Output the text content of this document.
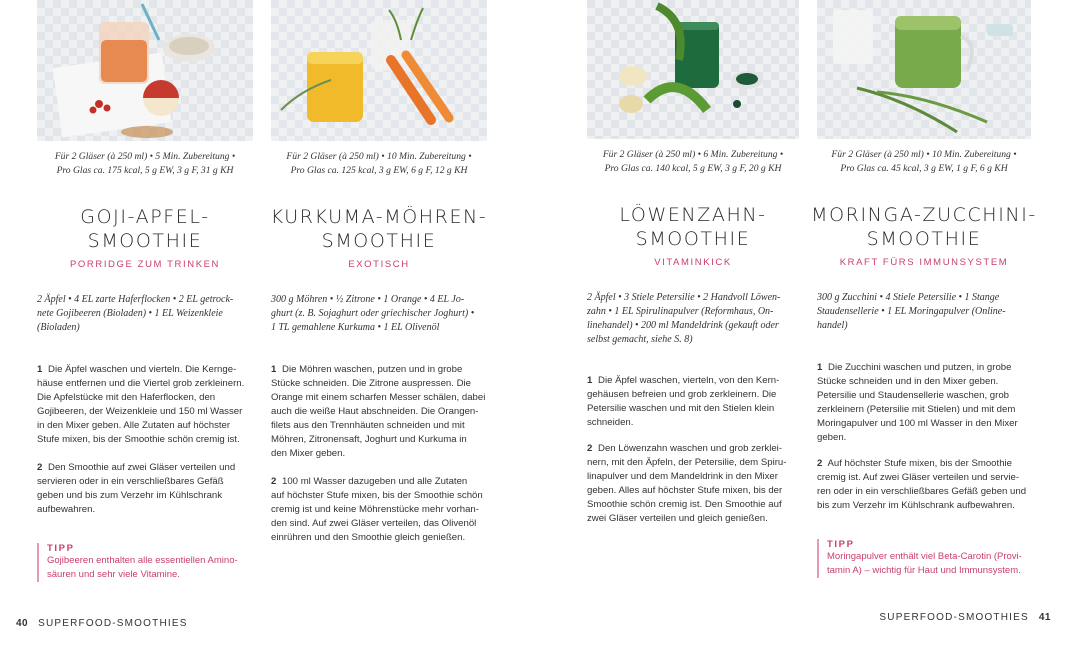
Für 2 Gläser (à 250 ml) • 5 Min. Zubereitung •
Pro Glas ca. 175 kcal, 5 g EW, 3 g F, 31 g KH
GOJI-APFEL-
SMOOTHIE
PORRIDGE ZUM TRINKEN
2 Äpfel • 4 EL zarte Haferflocken • 2 EL getrock-
nete Gojibeeren (Bioladen) • 1 EL Weizenkleie
(Bioladen)
1 Die Äpfel waschen und vierteln. Die Kernge-
häuse entfernen und die Viertel grob zerkleinern.
Die Apfelstücke mit den Haferflocken, den
Gojibeeren, der Weizenkleie und 150 ml Wasser
in den Mixer geben. Alle Zutaten auf höchster
Stufe mixen, bis der Smoothie schön cremig ist.
2 Den Smoothie auf zwei Gläser verteilen und
servieren oder in ein verschließbares Gefäß
geben und bis zum Verzehr im Kühlschrank
aufbewahren.
TIPP
Gojibeeren enthalten alle essentiellen Amino-
säuren und sehr viele Vitamine.
Für 2 Gläser (à 250 ml) • 10 Min. Zubereitung •
Pro Glas ca. 125 kcal, 3 g EW, 6 g F, 12 g KH
KURKUMA-MÖHREN-
SMOOTHIE
EXOTISCH
300 g Möhren • ½ Zitrone • 1 Orange • 4 EL Jo-
ghurt (z. B. Sojaghurt oder griechischer Joghurt) •
1 TL gemahlene Kurkuma • 1 EL Olivenöl
1 Die Möhren waschen, putzen und in grobe
Stücke schneiden. Die Zitrone auspressen. Die
Orange mit einem scharfen Messer schälen, dabei
auch die weiße Haut abschneiden. Die Orangen-
filets aus den Trennhäuten schneiden und mit
Möhren, Zitronensaft, Joghurt und Kurkuma in
den Mixer geben.
2 100 ml Wasser dazugeben und alle Zutaten
auf höchster Stufe mixen, bis der Smoothie schön
cremig ist und keine Möhrenstücke mehr vorhan-
den sind. Auf zwei Gläser verteilen, das Olivenöl
einrühren und den Smoothie gleich genießen.
Für 2 Gläser (à 250 ml) • 6 Min. Zubereitung •
Pro Glas ca. 140 kcal, 5 g EW, 3 g F, 20 g KH
LÖWENZAHN-
SMOOTHIE
VITAMINKICK
2 Äpfel • 3 Stiele Petersilie • 2 Handvoll Löwen-
zahn • 1 EL Spirulinapulver (Reformhaus, On-
linehandel) • 200 ml Mandeldrink (gekauft oder
selbst gemacht, siehe S. 8)
1 Die Äpfel waschen, vierteln, von den Kern-
gehäusen befreien und grob zerkleinern. Die
Petersilie waschen und mit den Stielen klein
schneiden.
2 Den Löwenzahn waschen und grob zerklei-
nern, mit den Äpfeln, der Petersilie, dem Spiru-
linapulver und dem Mandeldrink in den Mixer
geben. Alles auf höchster Stufe mixen, bis der
Smoothie schön cremig ist. Den Smoothie auf
zwei Gläser verteilen und gleich genießen.
Für 2 Gläser (à 250 ml) • 10 Min. Zubereitung •
Pro Glas ca. 45 kcal, 3 g EW, 1 g F, 6 g KH
MORINGA-ZUCCHINI-
SMOOTHIE
KRAFT FÜRS IMMUNSYSTEM
300 g Zucchini • 4 Stiele Petersilie • 1 Stange
Staudensellerie • 1 EL Moringapulver (Online-
handel)
1 Die Zucchini waschen und putzen, in grobe
Stücke schneiden und in den Mixer geben.
Petersilie und Staudensellerie waschen, grob
zerkleinern (Petersilie mit Stielen) und mit dem
Moringapulver und 100 ml Wasser in den Mixer
geben.
2 Auf höchster Stufe mixen, bis der Smoothie
cremig ist. Auf zwei Gläser verteilen und servie-
ren oder in ein verschließbares Gefäß geben und
bis zum Verzehr im Kühlschrank aufbewahren.
TIPP
Moringapulver enthält viel Beta-Carotin (Provi-
tamin A) – wichtig für Haut und Immunsystem.
40 SUPERFOOD-SMOOTHIES
SUPERFOOD-SMOOTHIES 41
